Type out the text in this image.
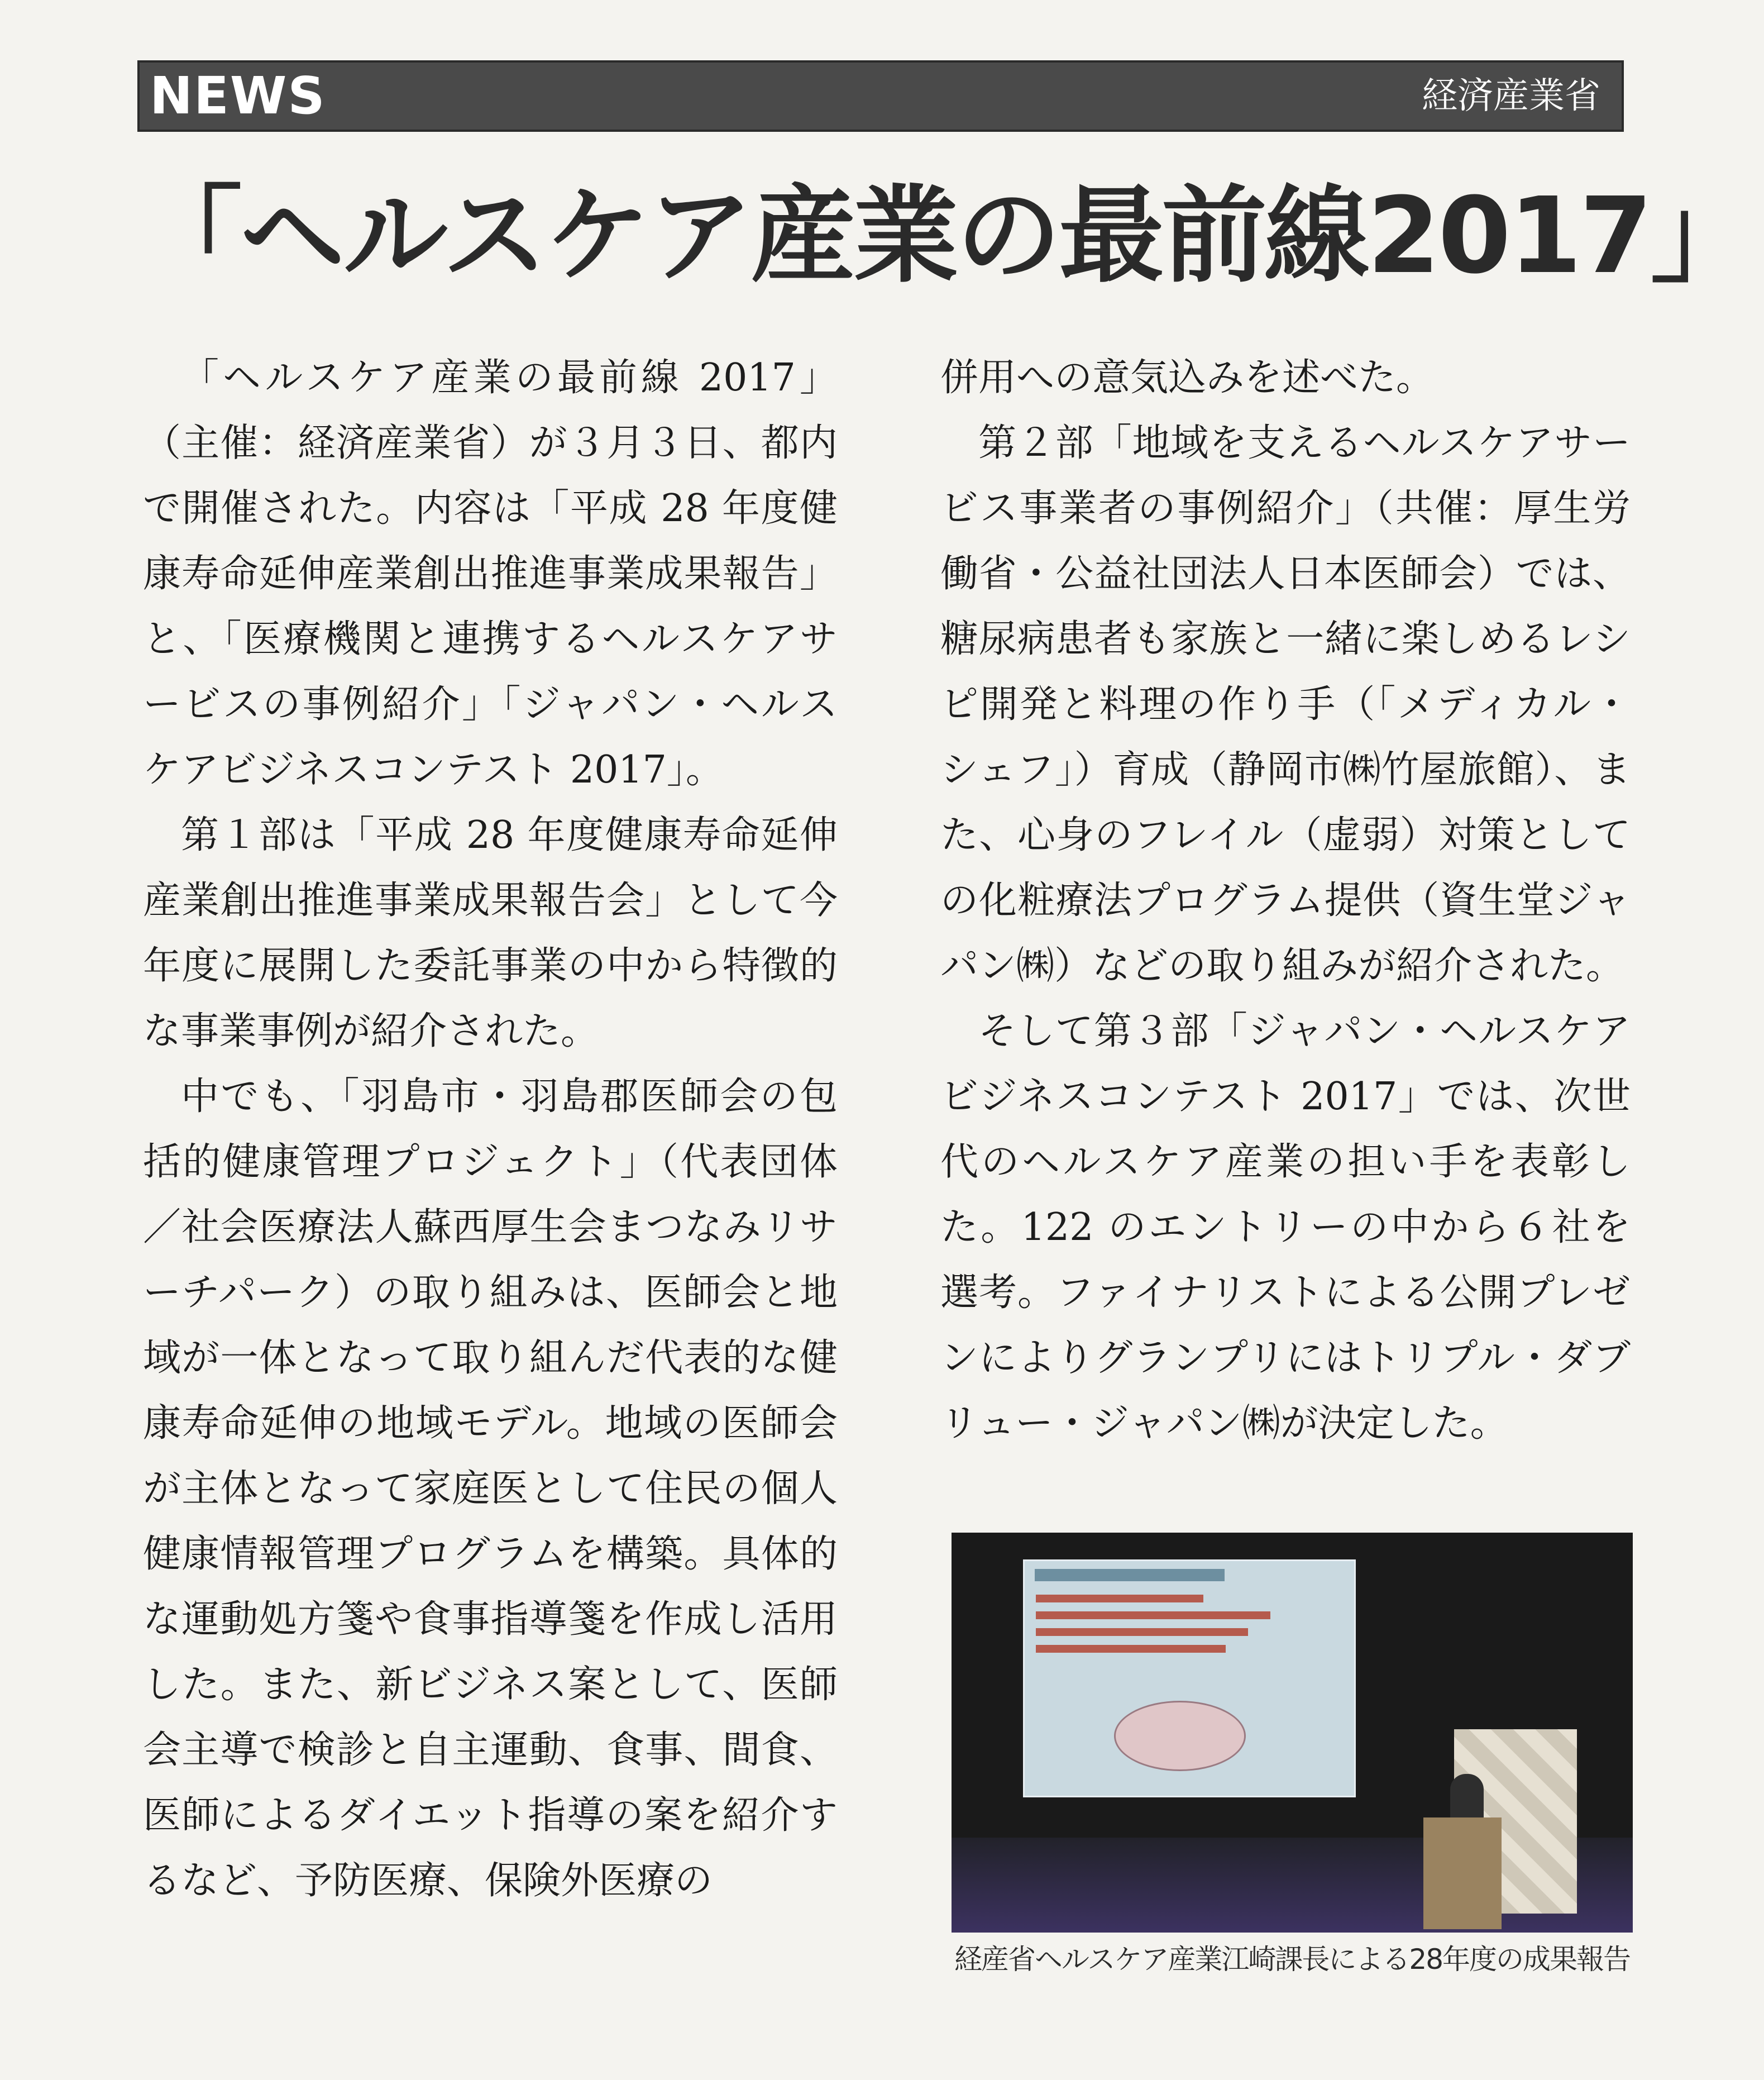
NEWS	経済産業省
「ヘルスケア産業の最前線2017」

「ヘルスケア産業の最前線 2017」（主催：経済産業省）が３月３日、都内で開催された。内容は「平成 28 年度健康寿命延伸産業創出推進事業成果報告」と、「医療機関と連携するヘルスケアサービスの事例紹介」「ジャパン・ヘルスケアビジネスコンテスト 2017」。

第１部は「平成 28 年度健康寿命延伸産業創出推進事業成果報告会」として今年度に展開した委託事業の中から特徴的な事業事例が紹介された。

中でも、「羽島市・羽島郡医師会の包括的健康管理プロジェクト」（代表団体／社会医療法人蘇西厚生会まつなみリサーチパーク）の取り組みは、医師会と地域が一体となって取り組んだ代表的な健康寿命延伸の地域モデル。地域の医師会が主体となって家庭医として住民の個人健康情報管理プログラムを構築。具体的な運動処方箋や食事指導箋を作成し活用した。また、新ビジネス案として、医師会主導で検診と自主運動、食事、間食、医師によるダイエット指導の案を紹介するなど、予防医療、保険外医療の

併用への意気込みを述べた。

第２部「地域を支えるヘルスケアサービス事業者の事例紹介」（共催：厚生労働省・公益社団法人日本医師会）では、糖尿病患者も家族と一緒に楽しめるレシピ開発と料理の作り手（「メディカル・シェフ」）育成（静岡市㈱竹屋旅館）、また、心身のフレイル（虚弱）対策としての化粧療法プログラム提供（資生堂ジャパン㈱）などの取り組みが紹介された。

そして第３部「ジャパン・ヘルスケアビジネスコンテスト 2017」では、次世代のヘルスケア産業の担い手を表彰した。122 のエントリーの中から６社を選考。ファイナリストによる公開プレゼンによりグランプリにはトリプル・ダブリュー・ジャパン㈱が決定した。

経産省ヘルスケア産業江崎課長による28年度の成果報告
